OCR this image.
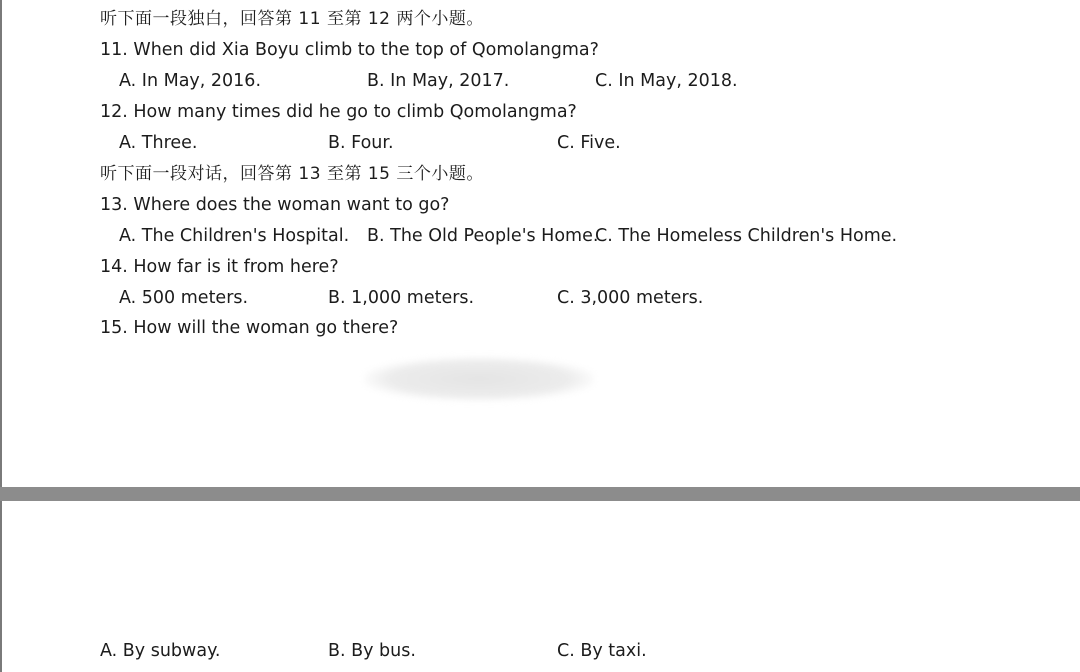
听下面一段独白，回答第 11 至第 12 两个小题。
11. When did Xia Boyu climb to the top of Qomolangma?
A. In May, 2016.	B. In May, 2017.	C. In May, 2018.
12. How many times did he go to climb Qomolangma?
A. Three.	B. Four.	C. Five.
听下面一段对话，回答第 13 至第 15 三个小题。
13. Where does the woman want to go?
A. The Children's Hospital. B. The Old People's Home.
C. The Homeless Children's Home.
14. How far is it from here?
A. 500 meters.	B. 1,000 meters.	C. 3,000 meters.
15. How will the woman go there?
A. By subway.	B. By bus.	C. By taxi.
